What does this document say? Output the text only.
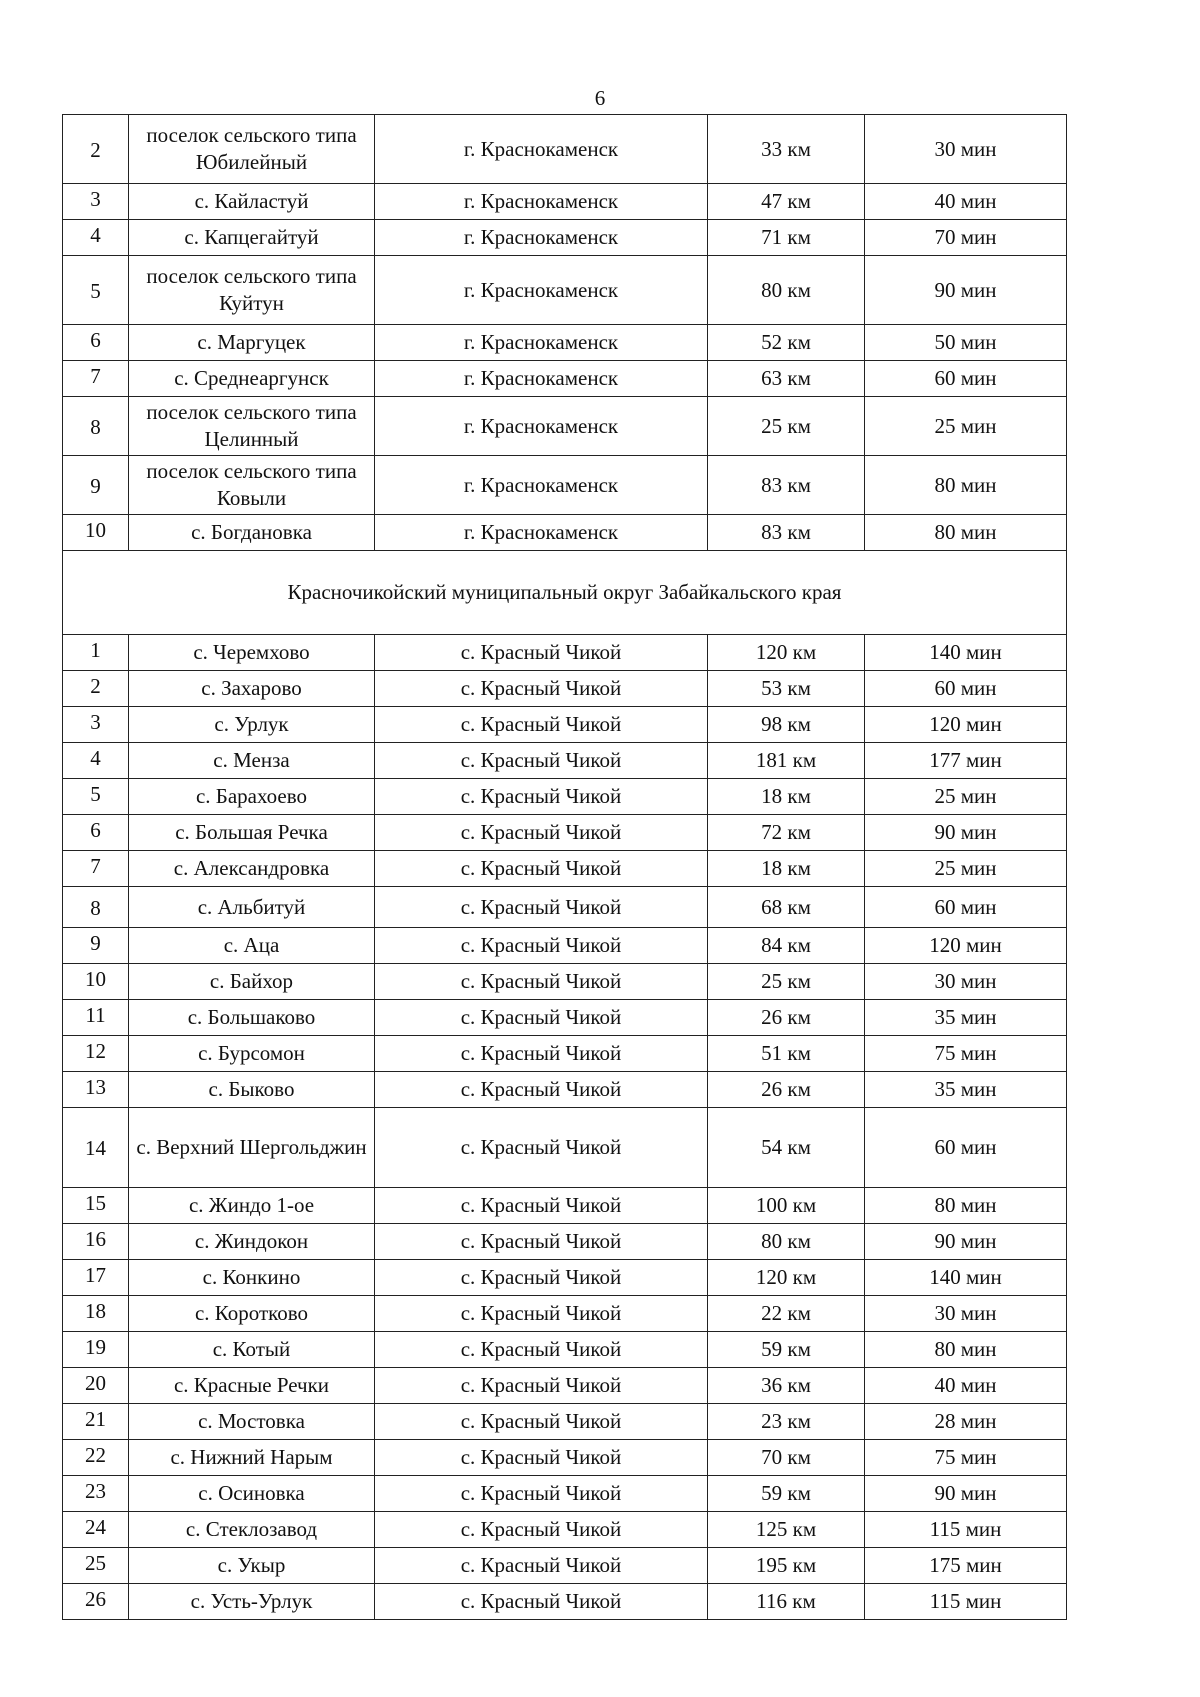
6
2	поселок сельского типа Юбилейный	г. Краснокаменск	33 км	30 мин
3	с. Кайластуй	г. Краснокаменск	47 км	40 мин
4	с. Капцегайтуй	г. Краснокаменск	71 км	70 мин
5	поселок сельского типа Куйтун	г. Краснокаменск	80 км	90 мин
6	с. Маргуцек	г. Краснокаменск	52 км	50 мин
7	с. Среднеаргунск	г. Краснокаменск	63 км	60 мин
8	поселок сельского типа Целинный	г. Краснокаменск	25 км	25 мин
9	поселок сельского типа Ковыли	г. Краснокаменск	83 км	80 мин
10	с. Богдановка	г. Краснокаменск	83 км	80 мин
Красночикойский муниципальный округ Забайкальского края				
1	с. Черемхово	с. Красный Чикой	120 км	140 мин
2	с. Захарово	с. Красный Чикой	53 км	60 мин
3	с. Урлук	с. Красный Чикой	98 км	120 мин
4	с. Менза	с. Красный Чикой	181 км	177 мин
5	с. Барахоево	с. Красный Чикой	18 км	25 мин
6	с. Большая Речка	с. Красный Чикой	72 км	90 мин
7	с. Александровка	с. Красный Чикой	18 км	25 мин
8	с. Альбитуй	с. Красный Чикой	68 км	60 мин
9	с. Аца	с. Красный Чикой	84 км	120 мин
10	с. Байхор	с. Красный Чикой	25 км	30 мин
11	с. Большаково	с. Красный Чикой	26 км	35 мин
12	с. Бурсомон	с. Красный Чикой	51 км	75 мин
13	с. Быково	с. Красный Чикой	26 км	35 мин
14	с. Верхний Шергольджин	с. Красный Чикой	54 км	60 мин
15	с. Жиндо 1-ое	с. Красный Чикой	100 км	80 мин
16	с. Жиндокон	с. Красный Чикой	80 км	90 мин
17	с. Конкино	с. Красный Чикой	120 км	140 мин
18	с. Коротково	с. Красный Чикой	22 км	30 мин
19	с. Котый	с. Красный Чикой	59 км	80 мин
20	с. Красные Речки	с. Красный Чикой	36 км	40 мин
21	с. Мостовка	с. Красный Чикой	23 км	28 мин
22	с. Нижний Нарым	с. Красный Чикой	70 км	75 мин
23	с. Осиновка	с. Красный Чикой	59 км	90 мин
24	с. Стеклозавод	с. Красный Чикой	125 км	115 мин
25	с. Укыр	с. Красный Чикой	195 км	175 мин
26	с. Усть-Урлук	с. Красный Чикой	116 км	115 мин
